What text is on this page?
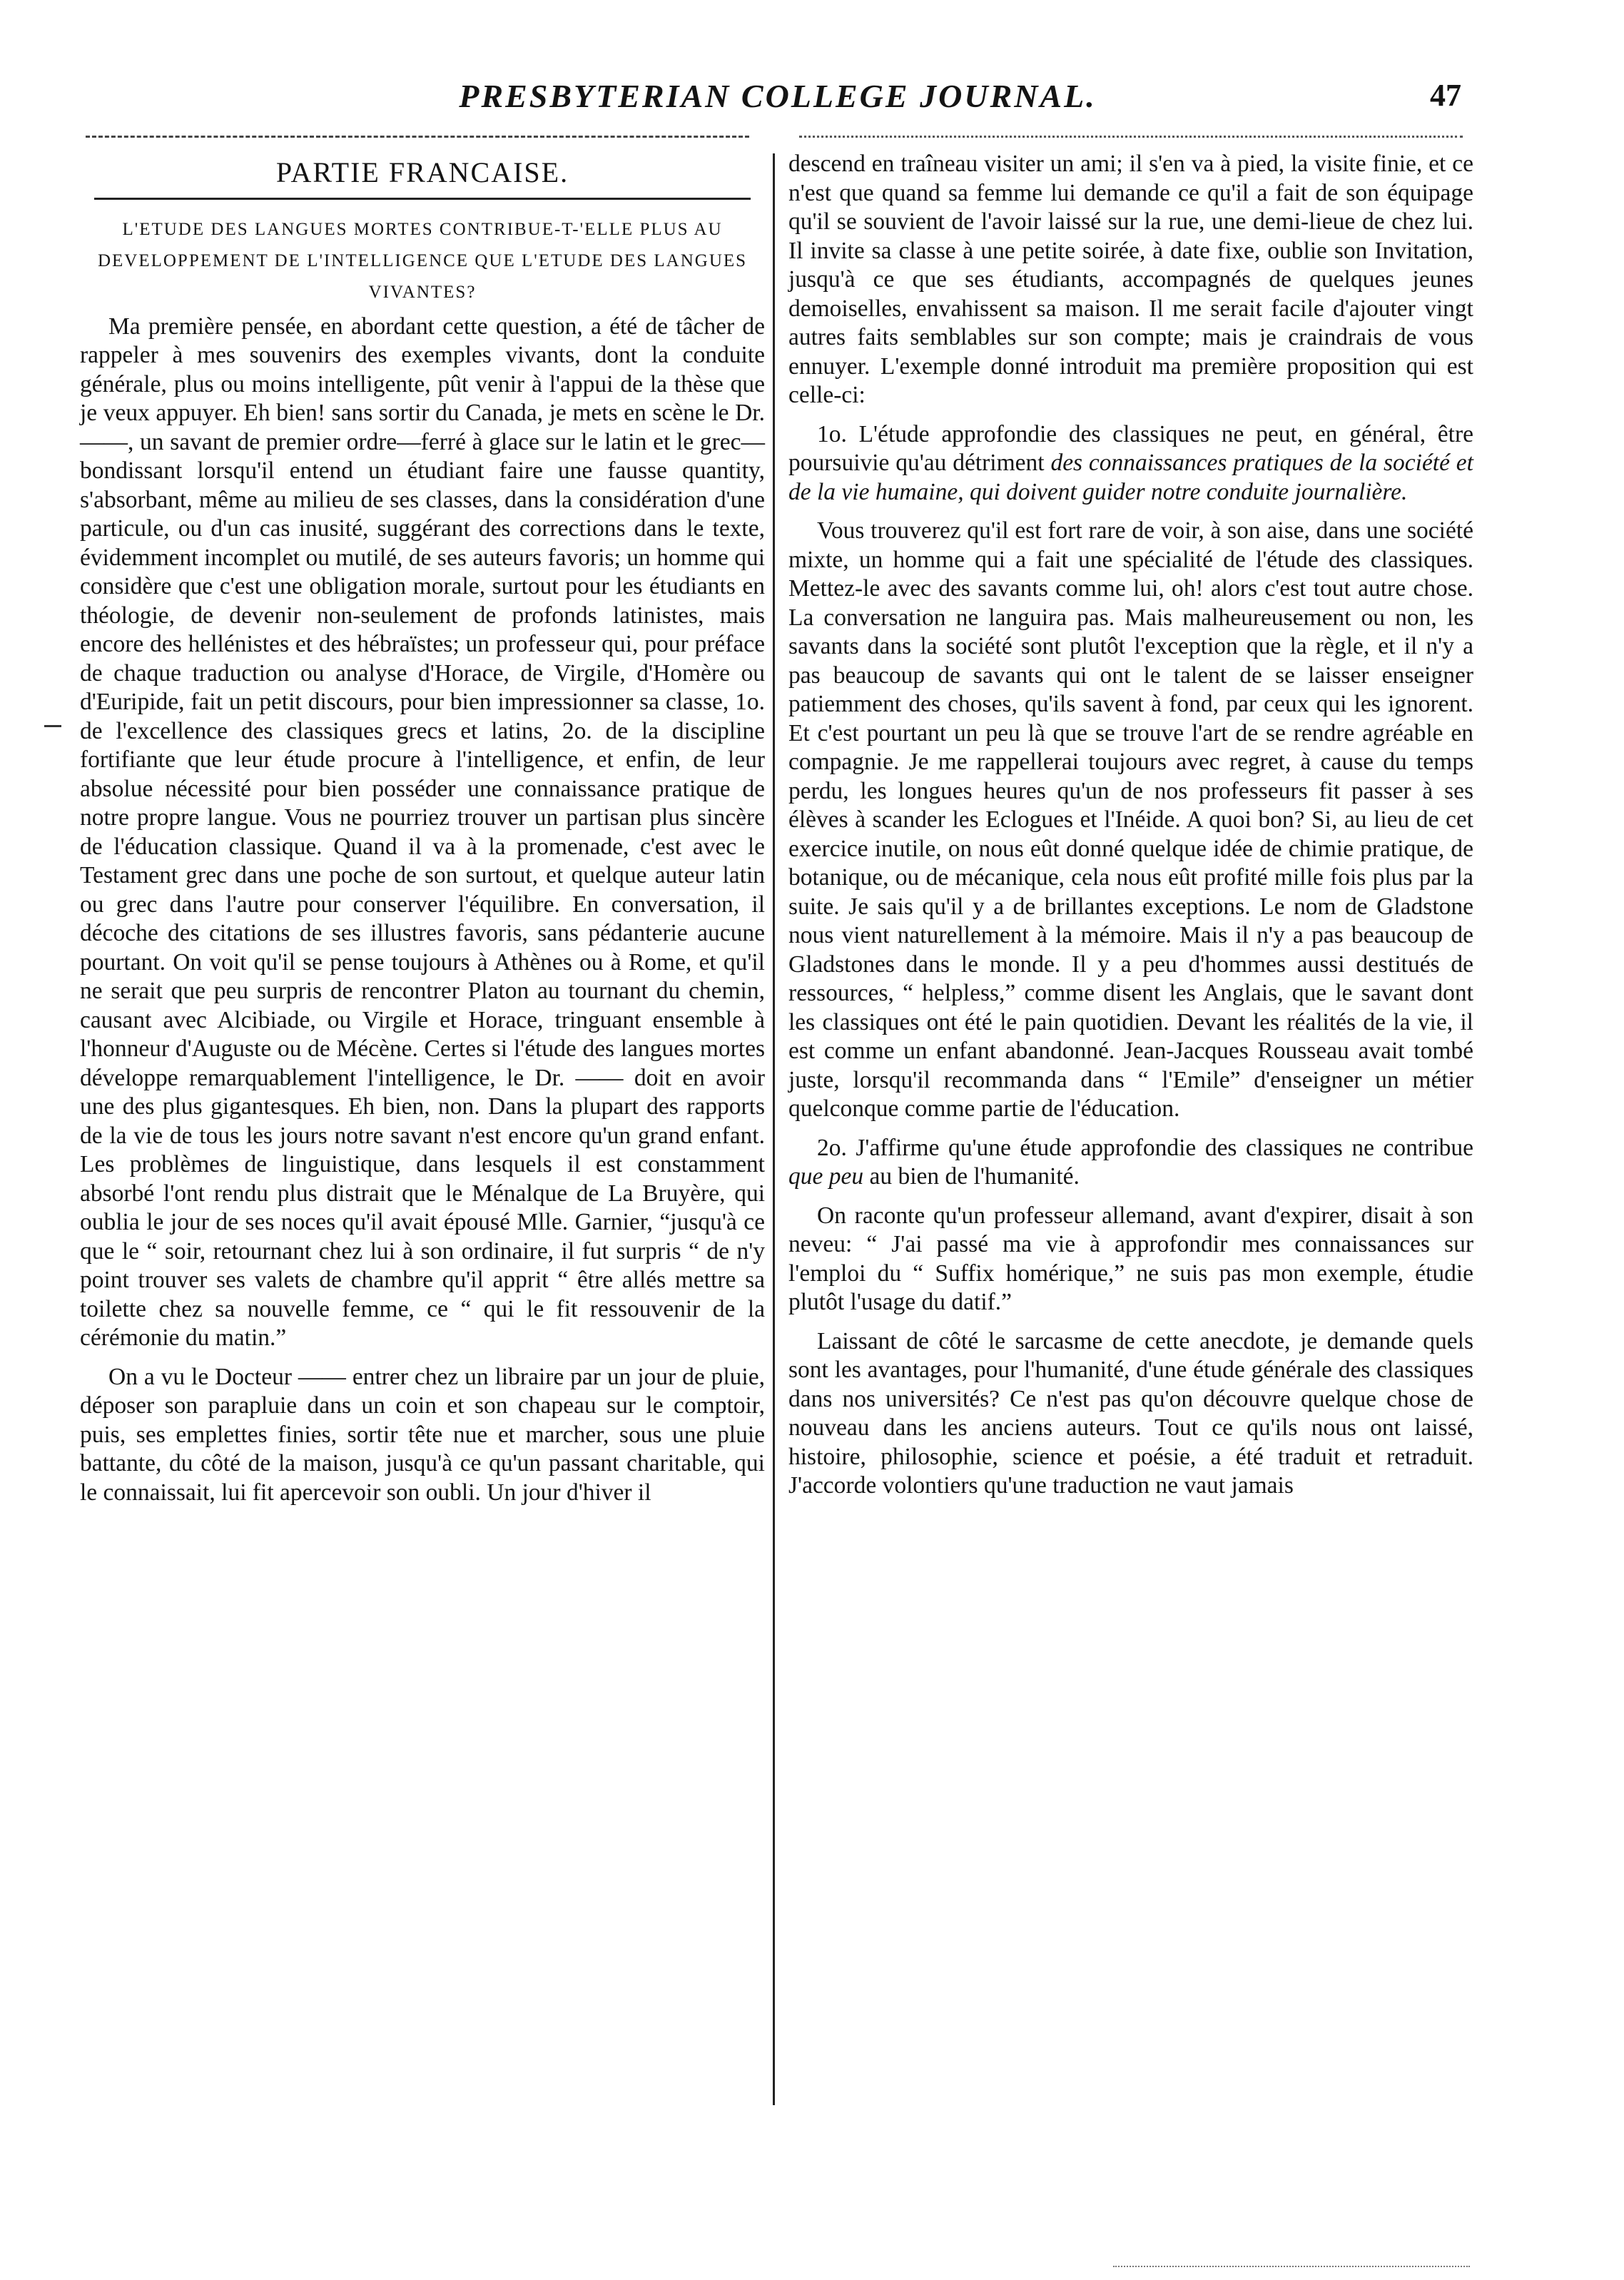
PRESBYTERIAN COLLEGE JOURNAL.	47
PARTIE FRANCAISE.
L'ETUDE DES LANGUES MORTES CONTRIBUE-T-'ELLE PLUS AU DEVELOPPEMENT DE L'INTELLIGENCE QUE L'ETUDE DES LANGUES VIVANTES?

Ma première pensée, en abordant cette question, a été de tâcher de rappeler à mes souvenirs des exemples vivants, dont la conduite générale, plus ou moins intelligente, pût venir à l'appui de la thèse que je veux appuyer. Eh bien! sans sortir du Canada, je mets en scène le Dr. ——, un savant de premier ordre—ferré à glace sur le latin et le grec—bondissant lorsqu'il entend un étudiant faire une fausse quantity, s'absorbant, même au milieu de ses classes, dans la considération d'une particule, ou d'un cas inusité, suggérant des corrections dans le texte, évidemment incomplet ou mutilé, de ses auteurs favoris; un homme qui considère que c'est une obligation morale, surtout pour les étudiants en théologie, de devenir non-seulement de profonds latinistes, mais encore des hellénistes et des hébraïstes; un professeur qui, pour préface de chaque traduction ou analyse d'Horace, de Virgile, d'Homère ou d'Euripide, fait un petit discours, pour bien impressionner sa classe, 1o. de l'excellence des classiques grecs et latins, 2o. de la discipline fortifiante que leur étude procure à l'intelligence, et enfin, de leur absolue nécessité pour bien posséder une connaissance pratique de notre propre langue. Vous ne pourriez trouver un partisan plus sincère de l'éducation classique. Quand il va à la promenade, c'est avec le Testament grec dans une poche de son surtout, et quelque auteur latin ou grec dans l'autre pour conserver l'équilibre. En conversation, il décoche des citations de ses illustres favoris, sans pédanterie aucune pourtant. On voit qu'il se pense toujours à Athènes ou à Rome, et qu'il ne serait que peu surpris de rencontrer Platon au tournant du chemin, causant avec Alcibiade, ou Virgile et Horace, tringuant ensemble à l'honneur d'Auguste ou de Mécène. Certes si l'étude des langues mortes développe remarquablement l'intelligence, le Dr. —— doit en avoir une des plus gigantesques. Eh bien, non. Dans la plupart des rapports de la vie de tous les jours notre savant n'est encore qu'un grand enfant. Les problèmes de linguistique, dans lesquels il est constamment absorbé l'ont rendu plus distrait que le Ménalque de La Bruyère, qui oublia le jour de ses noces qu'il avait épousé Mlle. Garnier, “jusqu'à ce que le “ soir, retournant chez lui à son ordinaire, il fut surpris “ de n'y point trouver ses valets de chambre qu'il apprit “ être allés mettre sa toilette chez sa nouvelle femme, ce “ qui le fit ressouvenir de la cérémonie du matin.”

On a vu le Docteur —— entrer chez un libraire par un jour de pluie, déposer son parapluie dans un coin et son chapeau sur le comptoir, puis, ses emplettes finies, sortir tête nue et marcher, sous une pluie battante, du côté de la maison, jusqu'à ce qu'un passant charitable, qui le connaissait, lui fit apercevoir son oubli. Un jour d'hiver il

descend en traîneau visiter un ami; il s'en va à pied, la visite finie, et ce n'est que quand sa femme lui demande ce qu'il a fait de son équipage qu'il se souvient de l'avoir laissé sur la rue, une demi-lieue de chez lui. Il invite sa classe à une petite soirée, à date fixe, oublie son Invitation, jusqu'à ce que ses étudiants, accompagnés de quelques jeunes demoiselles, envahissent sa maison. Il me serait facile d'ajouter vingt autres faits semblables sur son compte; mais je craindrais de vous ennuyer. L'exemple donné introduit ma première proposition qui est celle-ci:

1o. L'étude approfondie des classiques ne peut, en général, être poursuivie qu'au détriment des connaissances pratiques de la société et de la vie humaine, qui doivent guider notre conduite journalière.

Vous trouverez qu'il est fort rare de voir, à son aise, dans une société mixte, un homme qui a fait une spécialité de l'étude des classiques. Mettez-le avec des savants comme lui, oh! alors c'est tout autre chose. La conversation ne languira pas. Mais malheureusement ou non, les savants dans la société sont plutôt l'exception que la règle, et il n'y a pas beaucoup de savants qui ont le talent de se laisser enseigner patiemment des choses, qu'ils savent à fond, par ceux qui les ignorent. Et c'est pourtant un peu là que se trouve l'art de se rendre agréable en compagnie. Je me rappellerai toujours avec regret, à cause du temps perdu, les longues heures qu'un de nos professeurs fit passer à ses élèves à scander les Eclogues et l'Inéide. A quoi bon? Si, au lieu de cet exercice inutile, on nous eût donné quelque idée de chimie pratique, de botanique, ou de mécanique, cela nous eût profité mille fois plus par la suite. Je sais qu'il y a de brillantes exceptions. Le nom de Gladstone nous vient naturellement à la mémoire. Mais il n'y a pas beaucoup de Gladstones dans le monde. Il y a peu d'hommes aussi destitués de ressources, “ helpless,” comme disent les Anglais, que le savant dont les classiques ont été le pain quotidien. Devant les réalités de la vie, il est comme un enfant abandonné. Jean-Jacques Rousseau avait tombé juste, lorsqu'il recommanda dans “ l'Emile” d'enseigner un métier quelconque comme partie de l'éducation.

2o. J'affirme qu'une étude approfondie des classiques ne contribue que peu au bien de l'humanité.

On raconte qu'un professeur allemand, avant d'expirer, disait à son neveu: “ J'ai passé ma vie à approfondir mes connaissances sur l'emploi du “ Suffix homérique,” ne suis pas mon exemple, étudie plutôt l'usage du datif.”

Laissant de côté le sarcasme de cette anecdote, je demande quels sont les avantages, pour l'humanité, d'une étude générale des classiques dans nos universités? Ce n'est pas qu'on découvre quelque chose de nouveau dans les anciens auteurs. Tout ce qu'ils nous ont laissé, histoire, philosophie, science et poésie, a été traduit et retraduit. J'accorde volontiers qu'une traduction ne vaut jamais
